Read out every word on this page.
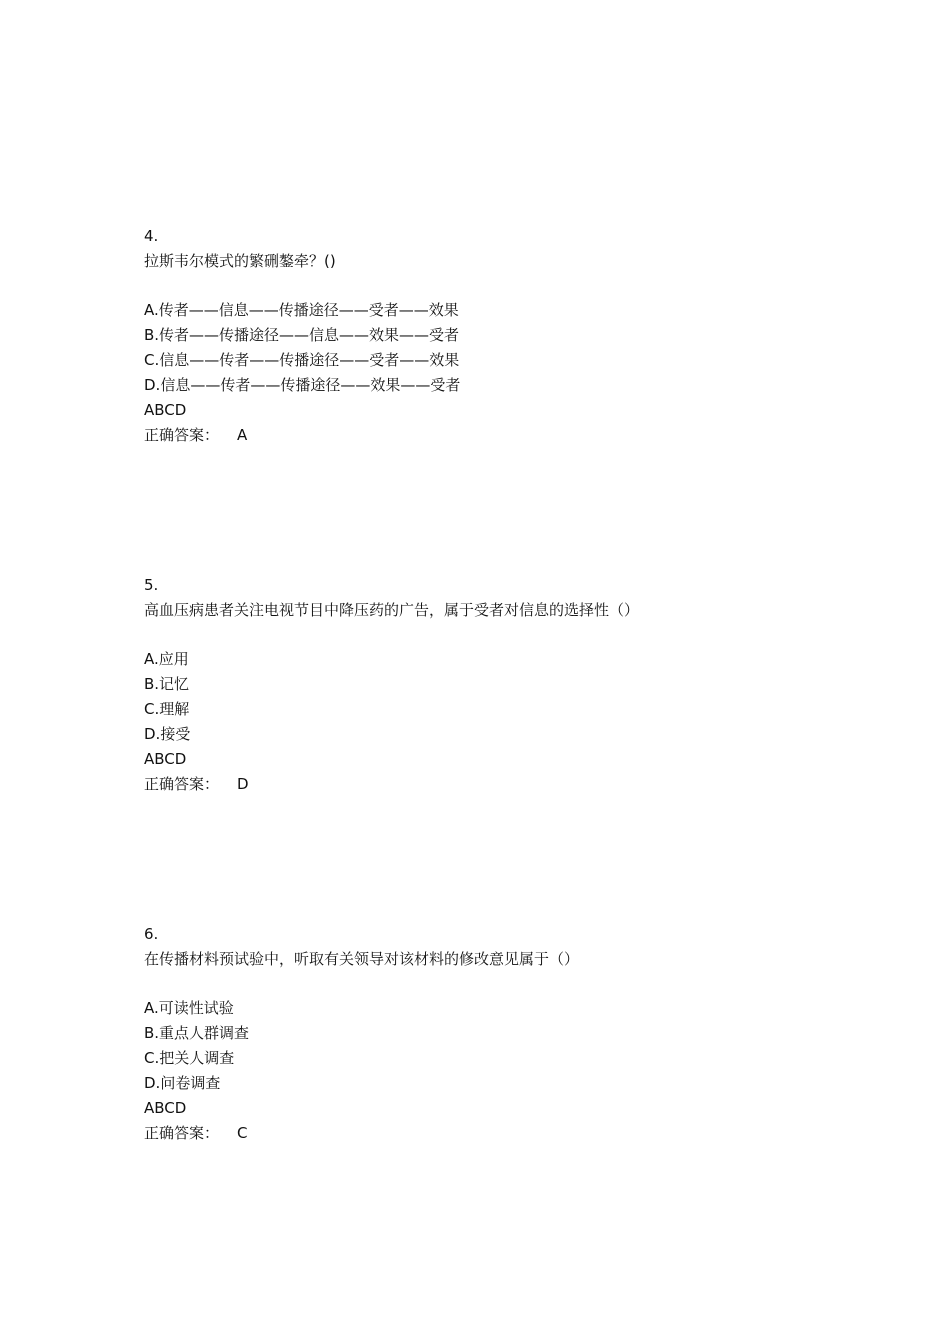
4.
拉斯韦尔模式的繁硎鏊牵？()
A.传者——信息——传播途径——受者——效果
B.传者——传播途径——信息——效果——受者
C.信息——传者——传播途径——受者——效果
D.信息——传者——传播途径——效果——受者
ABCD
正确答案： A
5.
高血压病患者关注电视节目中降压药的广告，属于受者对信息的选择性（）
A.应用
B.记忆
C.理解
D.接受
ABCD
正确答案： D
6.
在传播材料预试验中，听取有关领导对该材料的修改意见属于（）
A.可读性试验
B.重点人群调查
C.把关人调查
D.问卷调查
ABCD
正确答案： C
